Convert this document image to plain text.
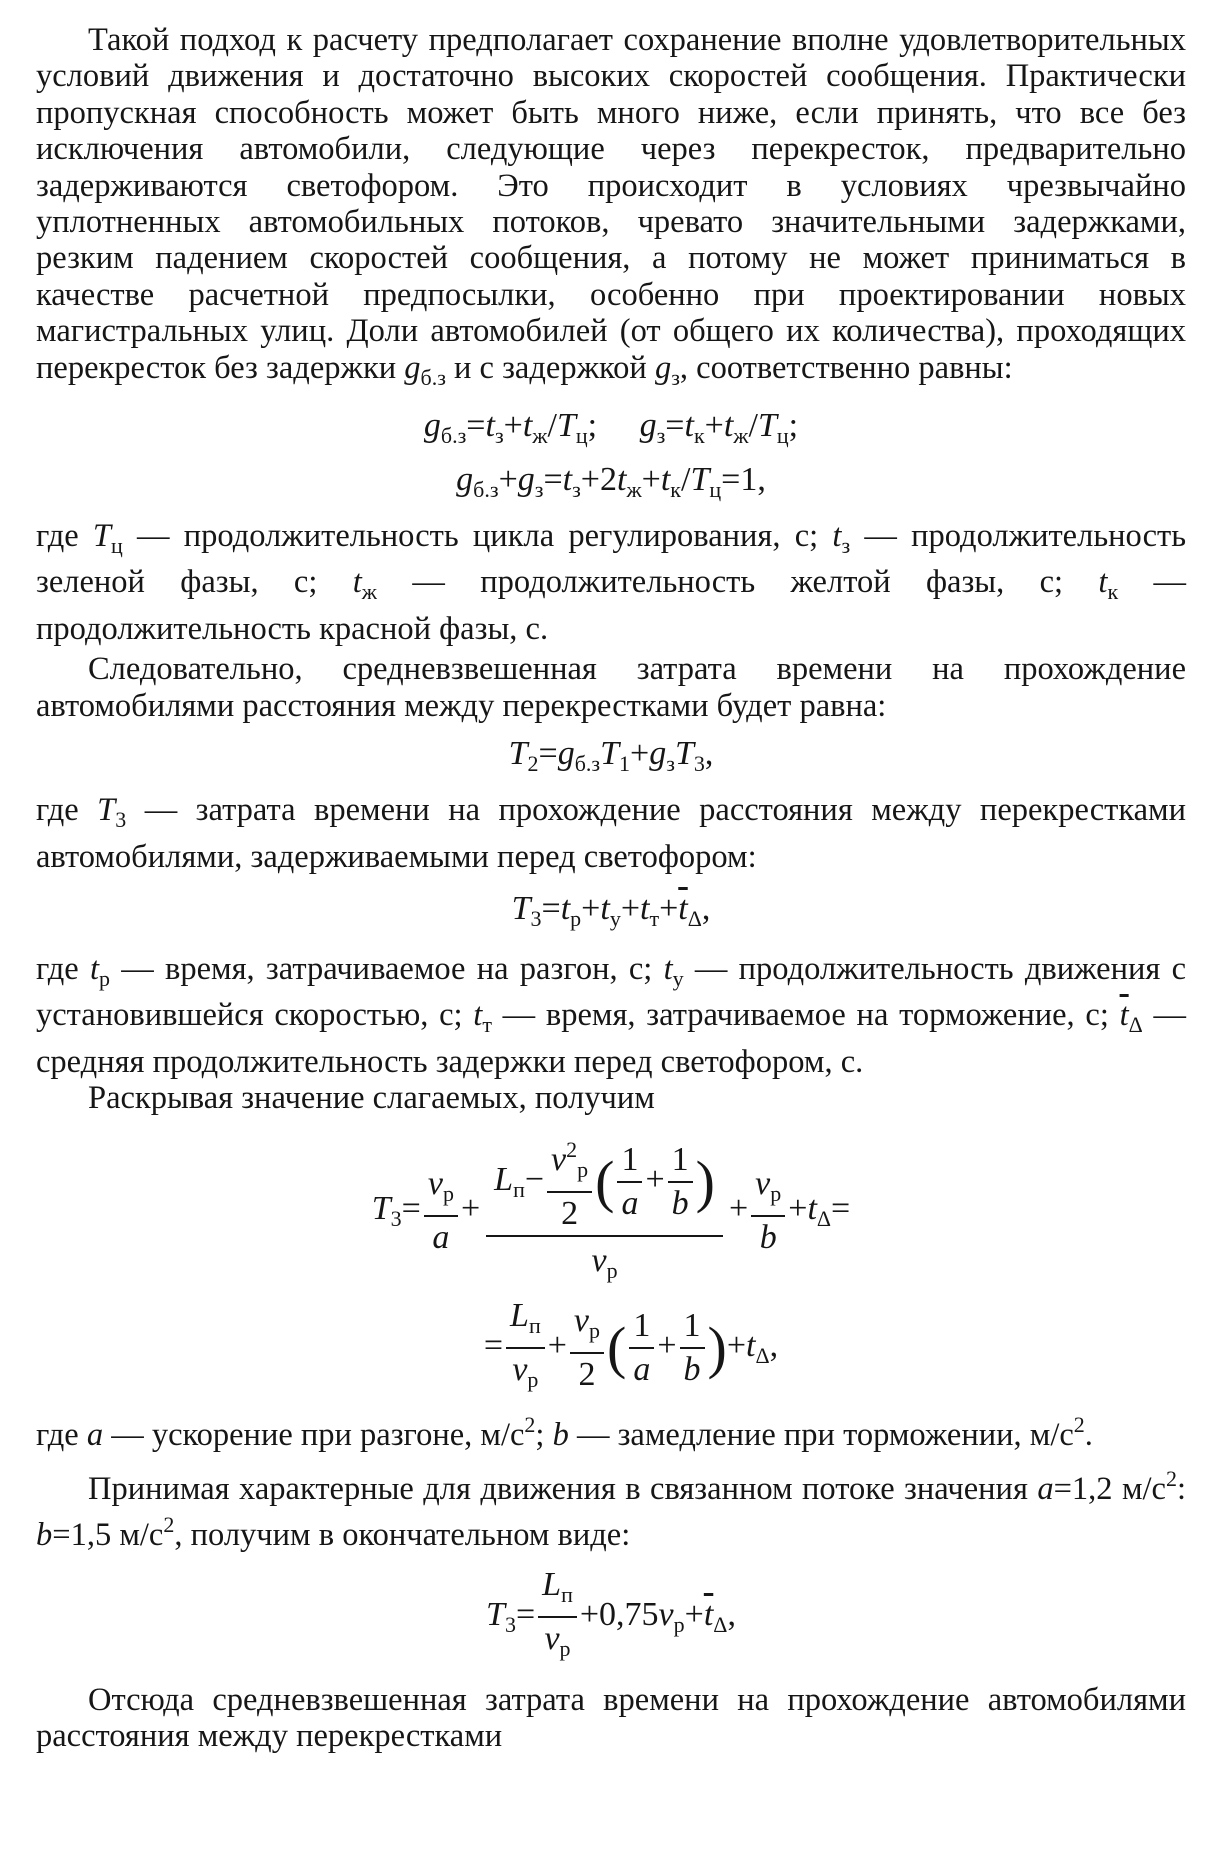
Такой подход к расчету предполагает сохранение вполне удовлетворительных условий движения и достаточно высоких скоростей сообщения. Практически пропускная способность может быть много ниже, если принять, что все без исключения автомобили, следующие через перекресток, предварительно задерживаются светофором. Это происходит в условиях чрезвычайно уплотненных автомобильных потоков, чревато значительными задержками, резким падением скоростей сообщения, а потому не может приниматься в качестве расчетной предпосылки, особенно при проектировании новых магистральных улиц. Доли автомобилей (от общего их количества), проходящих перекресток без задержки $g_{б.з}$ и с задержкой $g_з$, соответственно равны:

$g_{б.з}=t_з+t_ж/T_ц$; $g_з=t_к+t_ж/T_ц$;
$g_{б.з}+g_з=t_з+2t_ж+t_к/T_ц=1$,

где $T_ц$ — продолжительность цикла регулирования, с; $t_з$ — продолжительность зеленой фазы, с; $t_ж$ — продолжительность желтой фазы, с; $t_к$ — продолжительность красной фазы, с.

Следовательно, средневзвешенная затрата времени на прохождение автомобилями расстояния между перекрестками будет равна:

$T_2=g_{б.з}T_1+g_зT_3$,

где $T_3$ — затрата времени на прохождение расстояния между перекрестками автомобилями, задерживаемыми перед светофором:

$T_3=t_р+t_у+t_т+\overline{t}_\Delta$,

где $t_р$ — время, затрачиваемое на разгон, с; $t_у$ — продолжительность движения с установившейся скоростью, с; $t_т$ — время, затрачиваемое на торможение, с; $\overline{t}_\Delta$ — средняя продолжительность задержки перед светофором, с.

Раскрывая значение слагаемых, получим

$T_3= \frac{v_р}{a} + \frac{L_п- \frac{v^2_р}{2} ( \frac{1}{a} + \frac{1}{b} )}{v_р} + \frac{v_р}{b} +t_\Delta=$
= $\frac{L_п}{v_р} + \frac{v_р}{2}$ ( $\frac{1}{a} + \frac{1}{b} )+t_\Delta$,

где a — ускорение при разгоне, $м/с^2$; b — замедление при торможении, $м/с^2$.

Принимая характерные для движения в связанном потоке значения a=1,2 $м/с^2$: b=1,5 $м/с^2$, получим в окончательном виде:

$T_3= \frac{L_п}{v_р} +0,75v_р+\overline{t}_\Delta$,

Отсюда средневзвешенная затрата времени на прохождение автомобилями расстояния между перекрестками
